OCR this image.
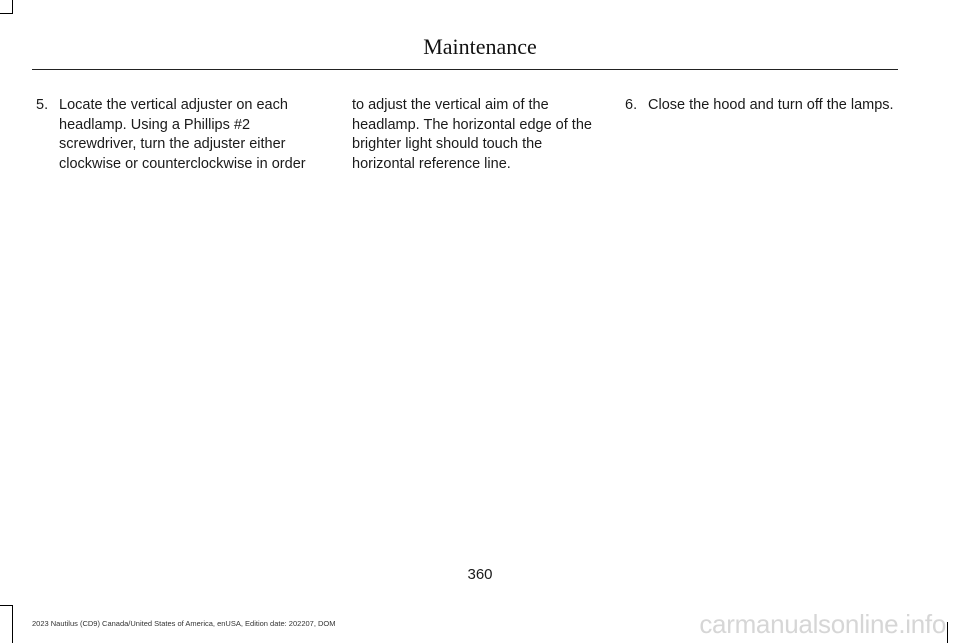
Maintenance
5. Locate the vertical adjuster on each headlamp. Using a Phillips #2 screwdriver, turn the adjuster either clockwise or counterclockwise in order
to adjust the vertical aim of the headlamp. The horizontal edge of the brighter light should touch the horizontal reference line.
6. Close the hood and turn off the lamps.
360
2023 Nautilus (CD9) Canada/United States of America, enUSA, Edition date: 202207, DOM	carmanualsonline.info
